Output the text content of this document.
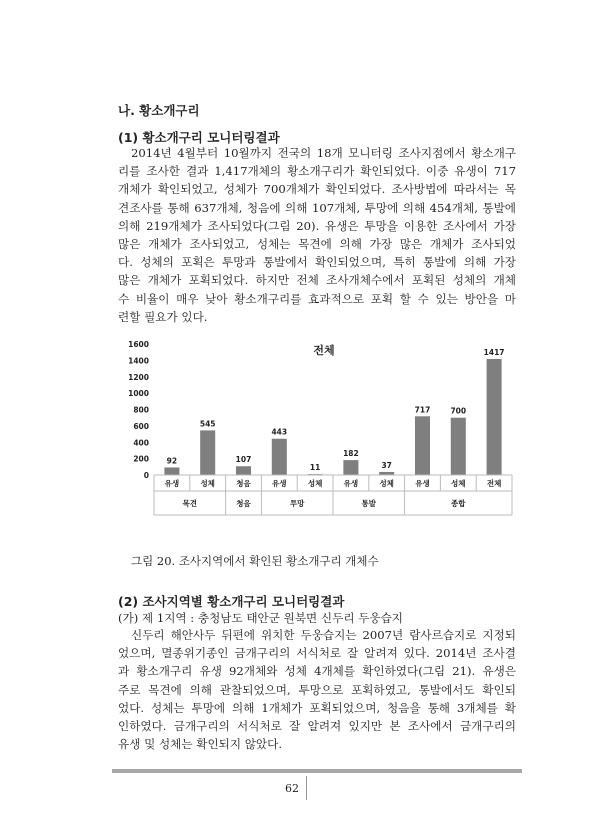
나. 황소개구리
(1) 황소개구리 모니터링결과
2014년 4월부터 10월까지 전국의 18개 모니터링 조사지점에서 황소개구
리를 조사한 결과 1,417개체의 황소개구리가 확인되었다. 이중 유생이 717
개체가 확인되었고, 성체가 700개체가 확인되었다. 조사방법에 따라서는 목
견조사를 통해 637개체, 청음에 의해 107개체, 투망에 의해 454개체, 통발에
의해 219개체가 조사되었다(그림 20). 유생은 투망을 이용한 조사에서 가장
많은 개체가 조사되었고, 성체는 목견에 의해 가장 많은 개체가 조사되었
다. 성체의 포획은 투망과 통발에서 확인되었으며, 특히 통발에 의해 가장
많은 개체가 포획되었다. 하지만 전체 조사개체수에서 포획된 성체의 개체
수 비율이 매우 낮아 황소개구리를 효과적으로 포획 할 수 있는 방안을 마
련할 필요가 있다.
전체
0
200
400
600
800
1000
1200
1400
1600
92
545
107
443
11
182
37
717	700
1417
유생	성체	청음	유생	성체	유생	성체	유생	성체	전체
목견	청음	투망	통발	종합
그림 20. 조사지역에서 확인된 황소개구리 개체수
(2) 조사지역별 황소개구리 모니터링결과
(가) 제 1지역 : 충청남도 태안군 원북면 신두리 두웅습지
신두리 해안사두 뒤편에 위치한 두웅습지는 2007년 람사르습지로 지정되
었으며, 멸종위기종인 금개구리의 서식처로 잘 알려져 있다. 2014년 조사결
과 황소개구리 유생 92개체와 성체 4개체를 확인하였다(그림 21). 유생은
주로 목견에 의해 관찰되었으며, 투망으로 포획하였고, 통발에서도 확인되
었다. 성체는 투망에 의해 1개체가 포획되었으며, 청음을 통해 3개체를 확
인하였다. 금개구리의 서식처로 잘 알려져 있지만 본 조사에서 금개구리의
유생 및 성체는 확인되지 않았다.
62
